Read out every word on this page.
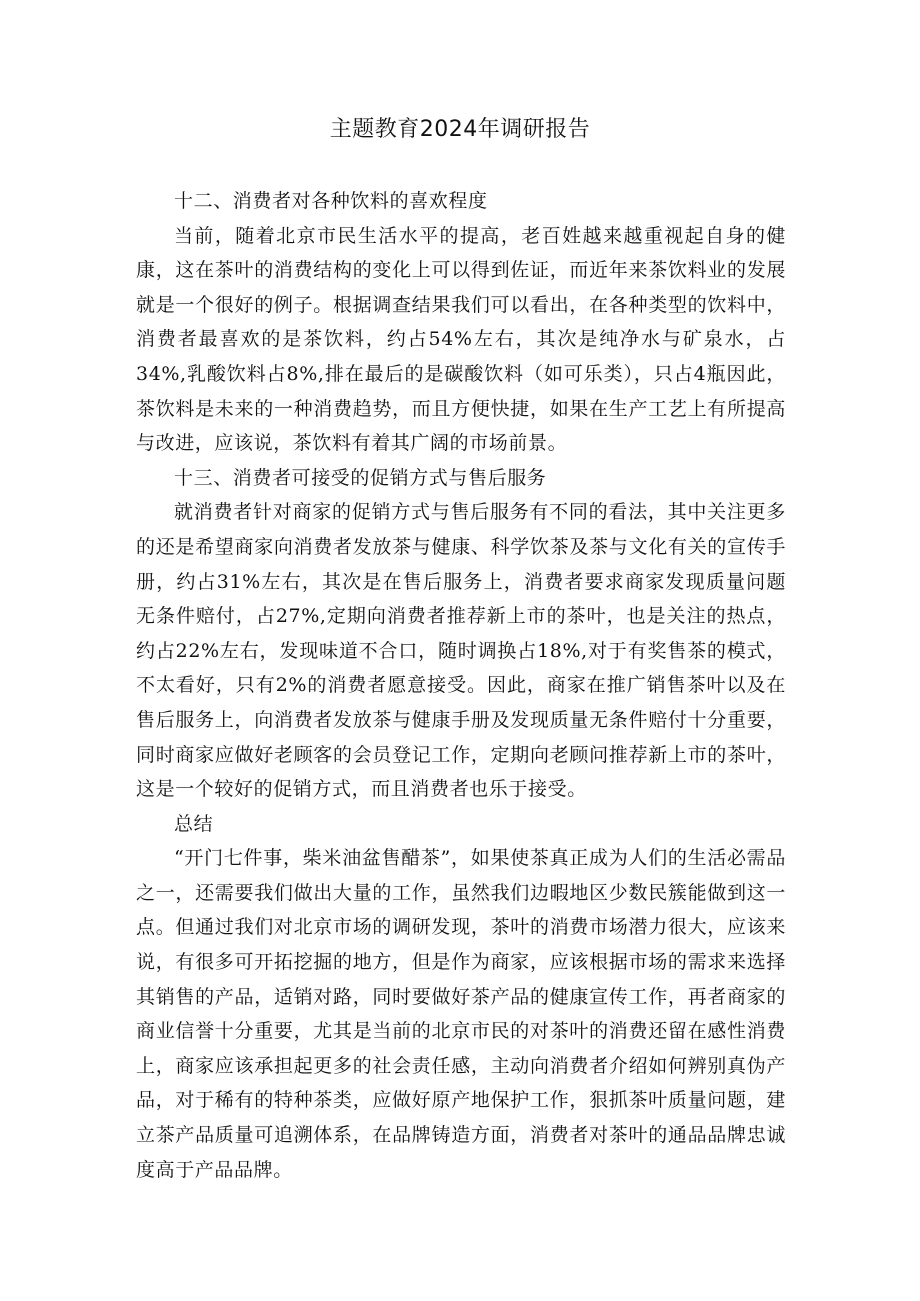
主题教育2024年调研报告

十二、消费者对各种饮料的喜欢程度

当前，随着北京市民生活水平的提高，老百姓越来越重视起自身的健康，这在茶叶的消费结构的变化上可以得到佐证，而近年来茶饮料业的发展就是一个很好的例子。根据调查结果我们可以看出，在各种类型的饮料中，消费者最喜欢的是茶饮料，约占54%左右，其次是纯净水与矿泉水，占34%,乳酸饮料占8%,排在最后的是碳酸饮料（如可乐类），只占4瓶因此，茶饮料是未来的一种消费趋势，而且方便快捷，如果在生产工艺上有所提高与改进，应该说，茶饮料有着其广阔的市场前景。

十三、消费者可接受的促销方式与售后服务

就消费者针对商家的促销方式与售后服务有不同的看法，其中关注更多的还是希望商家向消费者发放茶与健康、科学饮茶及茶与文化有关的宣传手册，约占31%左右，其次是在售后服务上，消费者要求商家发现质量问题无条件赔付，占27%,定期向消费者推荐新上市的茶叶，也是关注的热点，约占22%左右，发现味道不合口，随时调换占18%,对于有奖售茶的模式，不太看好，只有2%的消费者愿意接受。因此，商家在推广销售茶叶以及在售后服务上，向消费者发放茶与健康手册及发现质量无条件赔付十分重要，同时商家应做好老顾客的会员登记工作，定期向老顾问推荐新上市的茶叶，这是一个较好的促销方式，而且消费者也乐于接受。

总结

“开门七件事，柴米油盆售醋茶”，如果使茶真正成为人们的生活必需品之一，还需要我们做出大量的工作，虽然我们边暇地区少数民簇能做到这一点。但通过我们对北京市场的调研发现，茶叶的消费市场潜力很大，应该来说，有很多可开拓挖掘的地方，但是作为商家，应该根据市场的需求来选择其销售的产品，适销对路，同时要做好茶产品的健康宣传工作，再者商家的商业信誉十分重要，尤其是当前的北京市民的对茶叶的消费还留在感性消费上，商家应该承担起更多的社会责任感，主动向消费者介绍如何辨别真伪产品，对于稀有的特种茶类，应做好原产地保护工作，狠抓茶叶质量问题，建立茶产品质量可追溯体系，在品牌铸造方面，消费者对茶叶的通品品牌忠诚度高于产品品牌。
